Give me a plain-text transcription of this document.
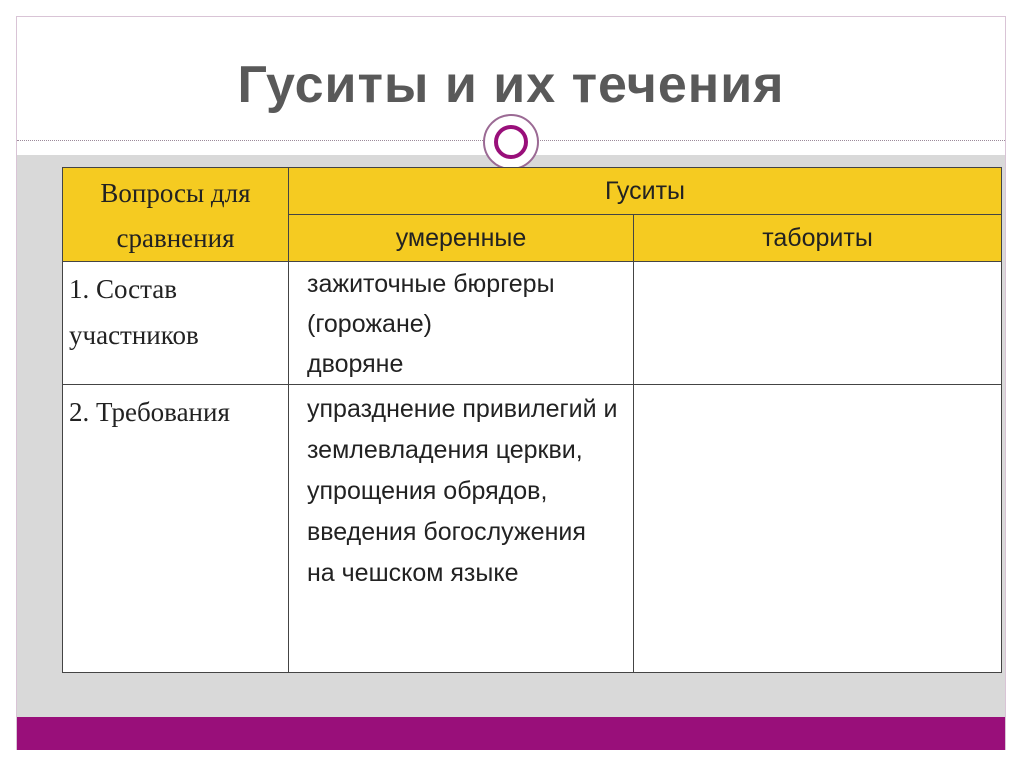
Гуситы и их течения
Вопросы для сравнения	Гуситы	
	умеренные	табориты

1. Состав участников	зажиточные бюргеры (горожане)
дворяне	

2. Требования	упразднение привилегий и землевладения церкви, упрощения обрядов, введения богослужения на чешском языке	
